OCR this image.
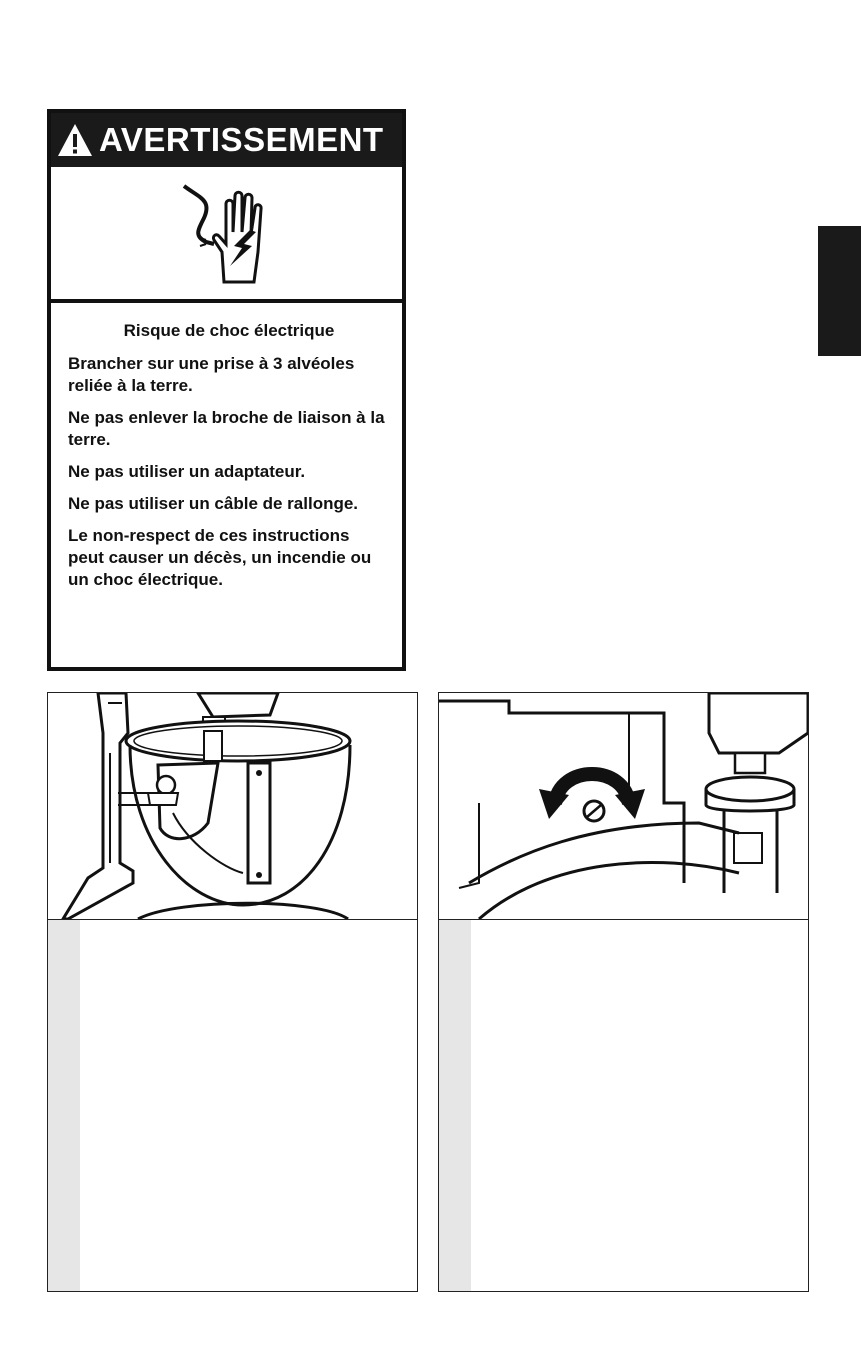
AVERTISSEMENT
Risque de choc électrique

Brancher sur une prise à 3 alvéoles reliée à la terre.

Ne pas enlever la broche de liaison à la terre.

Ne pas utiliser un adaptateur.

Ne pas utiliser un câble de rallonge.

Le non-respect de ces instructions peut causer un décès, un incendie ou un choc électrique.
